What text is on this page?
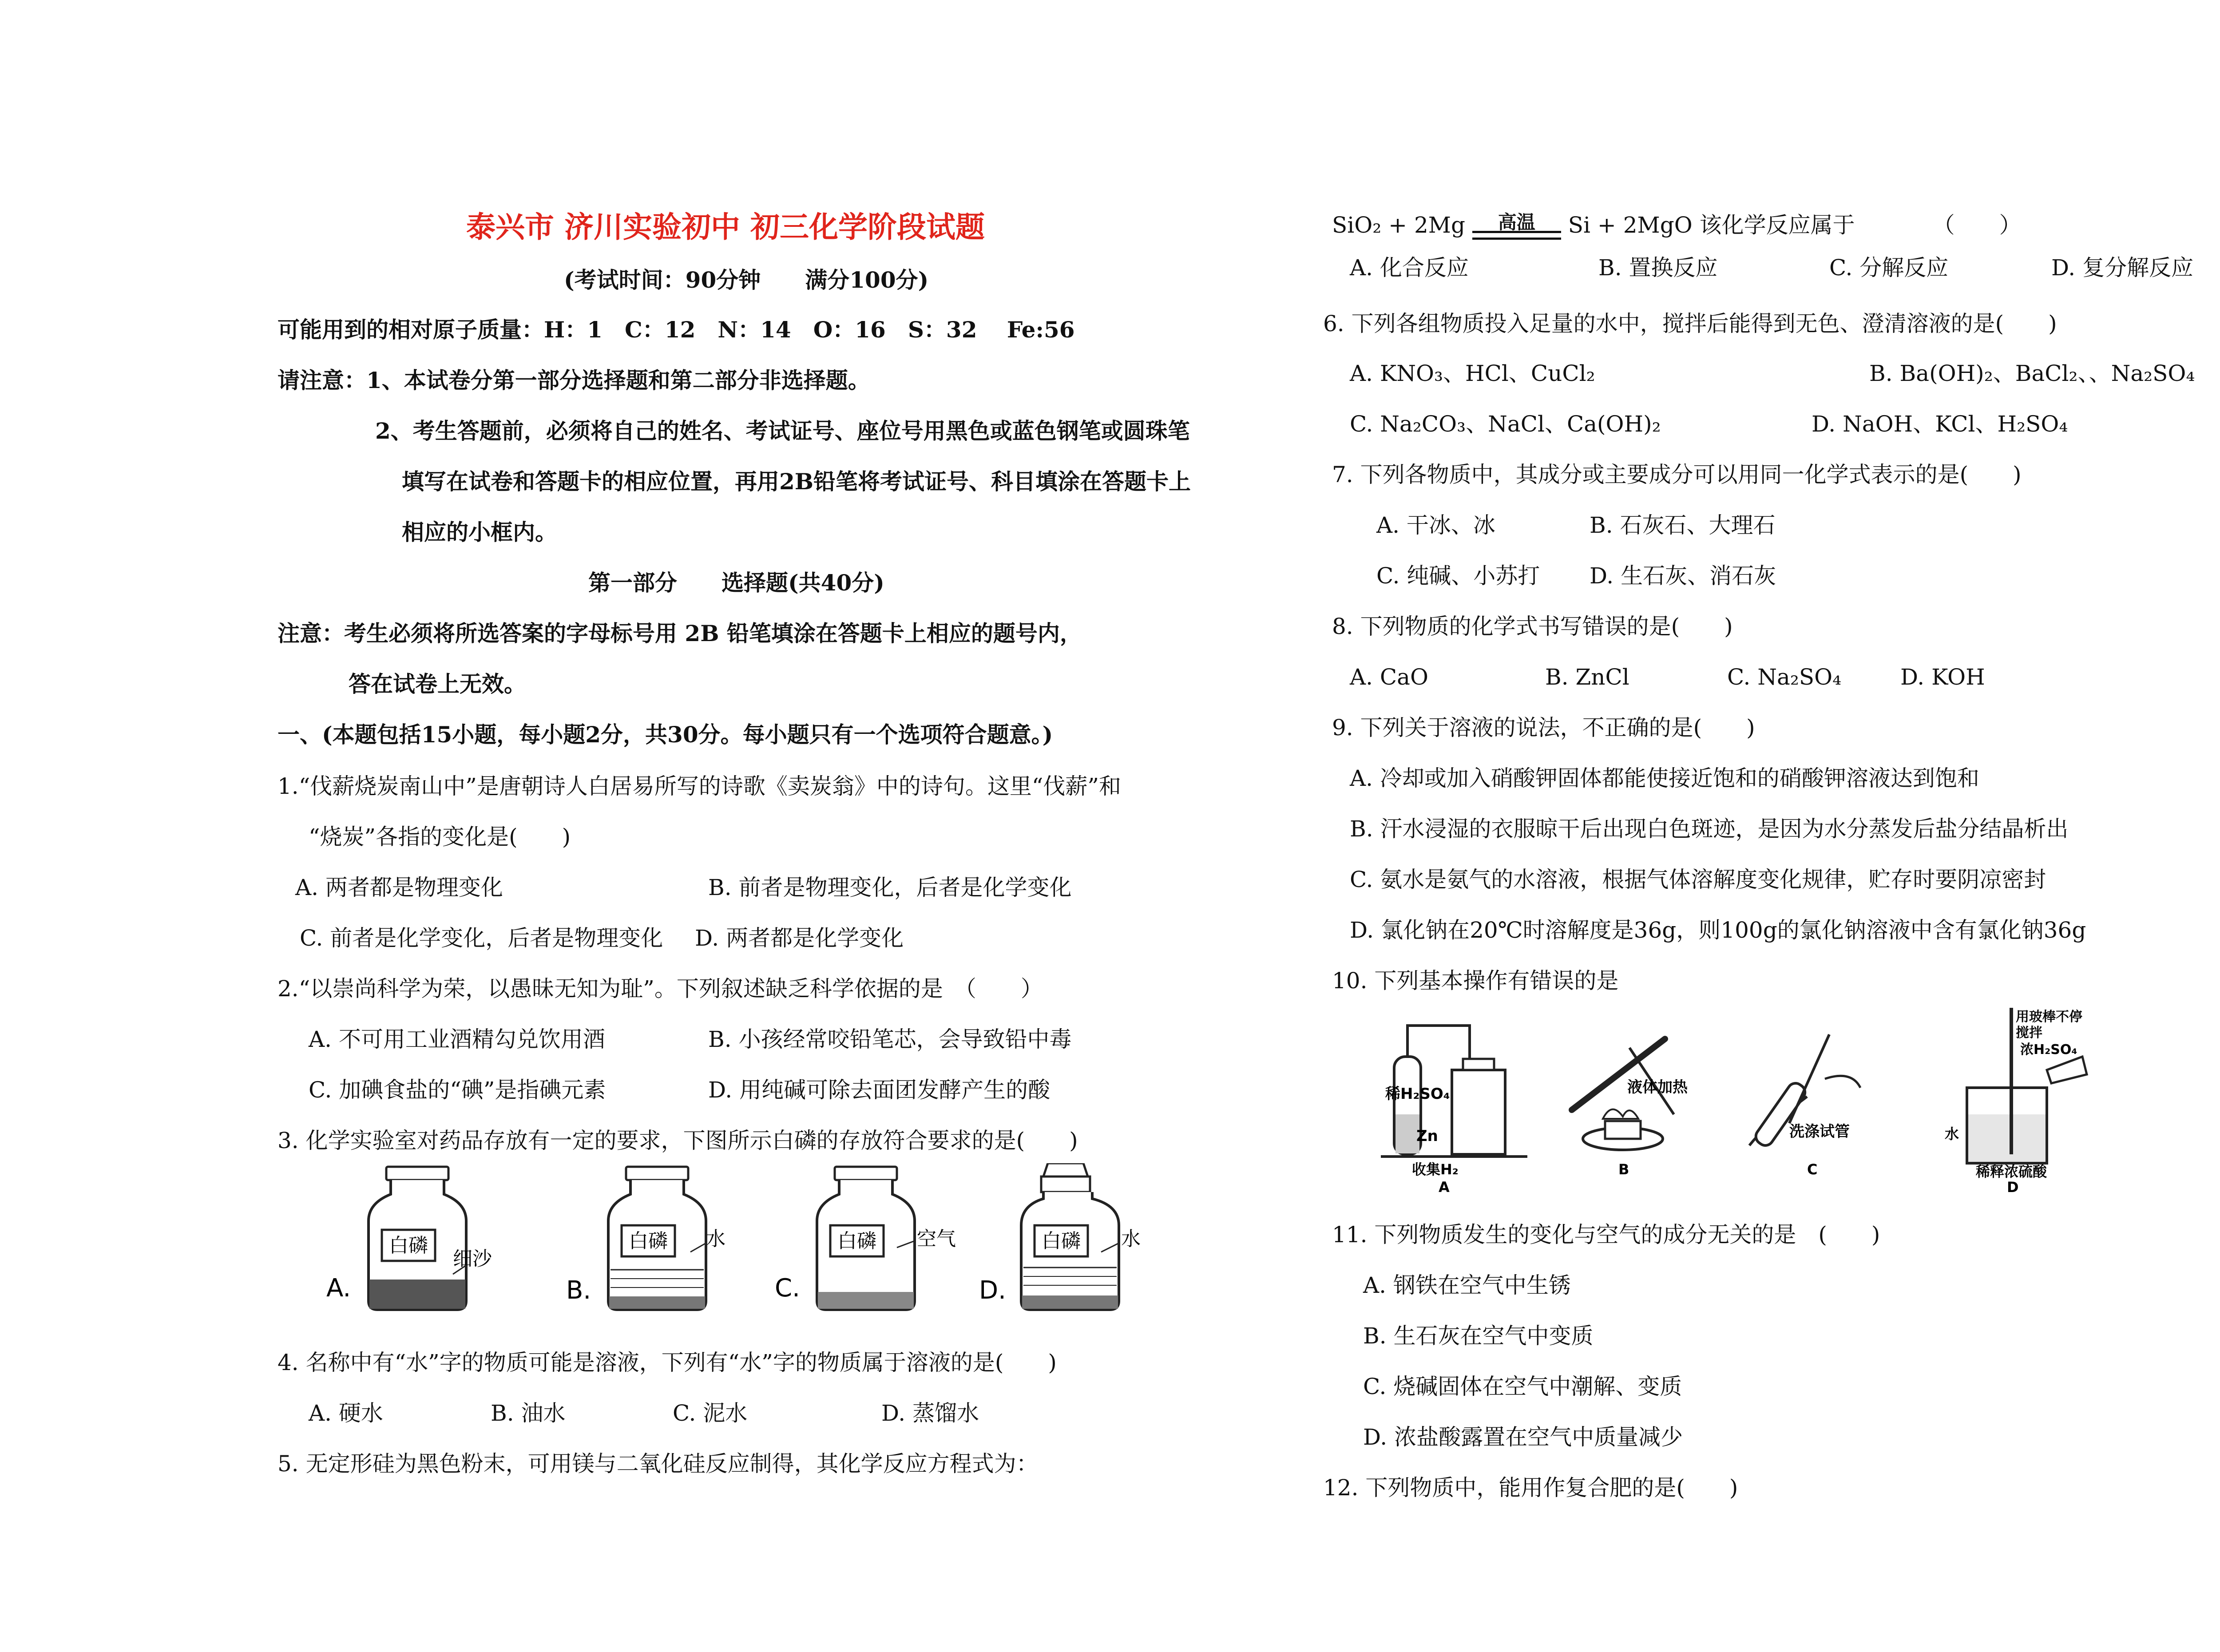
泰兴市 济川实验初中 初三化学阶段试题
(考试时间：90分钟　　满分100分)
可能用到的相对原子质量：H：1　C：12　N：14　O：16　S：32　 Fe:56
请注意：1、本试卷分第一部分选择题和第二部分非选择题。
2、考生答题前，必须将自己的姓名、考试证号、座位号用黑色或蓝色钢笔或圆珠笔
填写在试卷和答题卡的相应位置，再用2B铅笔将考试证号、科目填涂在答题卡上
相应的小框内。
第一部分　　选择题(共40分)
注意：考生必须将所选答案的字母标号用 2B 铅笔填涂在答题卡上相应的题号内，
答在试卷上无效。
一、(本题包括15小题，每小题2分，共30分。每小题只有一个选项符合题意。)
1.“伐薪烧炭南山中”是唐朝诗人白居易所写的诗歌《卖炭翁》中的诗句。这里“伐薪”和
“烧炭”各指的变化是(　　)
A. 两者都是物理变化	B. 前者是物理变化，后者是化学变化
C. 前者是化学变化，后者是物理变化 D. 两者都是化学变化
2.“以崇尚科学为荣，以愚昧无知为耻”。下列叙述缺乏科学依据的是　（　　）
A. 不可用工业酒精勾兑饮用酒	B. 小孩经常咬铅笔芯，会导致铅中毒
C. 加碘食盐的“碘”是指碘元素	D. 用纯碱可除去面团发酵产生的酸
3. 化学实验室对药品存放有一定的要求，下图所示白磷的存放符合要求的是(　　)
白磷
A.
细沙
白磷
B.
水	白磷
C.
空气	白磷
D.
水
4. 名称中有“水”字的物质可能是溶液，下列有“水”字的物质属于溶液的是(　　)
A. 硬水	B. 油水	C. 泥水	D. 蒸馏水
5. 无定形硅为黑色粉末，可用镁与二氧化硅反应制得，其化学反应方程式为：
SiO₂ + 2Mg	高温	Si + 2MgO 该化学反应属于　　　　（　　）
A. 化合反应	B. 置换反应	C. 分解反应	D. 复分解反应
6. 下列各组物质投入足量的水中，搅拌后能得到无色、澄清溶液的是(　　)
A. KNO₃、HCl、CuCl₂	B. Ba(OH)₂、BaCl₂、、Na₂SO₄
C. Na₂CO₃、NaCl、Ca(OH)₂	D. NaOH、KCl、H₂SO₄
7. 下列各物质中，其成分或主要成分可以用同一化学式表示的是(　　)
A. 干冰、冰	B. 石灰石、大理石
C. 纯碱、小苏打 D. 生石灰、消石灰
8. 下列物质的化学式书写错误的是(　　)
A. CaO	B. ZnCl	C. Na₂SO₄	D. KOH
9. 下列关于溶液的说法，不正确的是(　　)
A. 冷却或加入硝酸钾固体都能使接近饱和的硝酸钾溶液达到饱和
B. 汗水浸湿的衣服晾干后出现白色斑迹，是因为水分蒸发后盐分结晶析出
C. 氨水是氨气的水溶液，根据气体溶解度变化规律，贮存时要阴凉密封
D. 氯化钠在20℃时溶解度是36g，则100g的氯化钠溶液中含有氯化钠36g
10. 下列基本操作有错误的是
稀H₂SO₄
Zn
收集H₂
A
液体加热
B
洗涤试管
C
用玻棒不停
搅拌
浓H₂SO₄
水
稀释浓硫酸
D
11. 下列物质发生的变化与空气的成分无关的是　(　　)
A. 钢铁在空气中生锈
B. 生石灰在空气中变质
C. 烧碱固体在空气中潮解、变质
D. 浓盐酸露置在空气中质量减少
12. 下列物质中，能用作复合肥的是(　　)
